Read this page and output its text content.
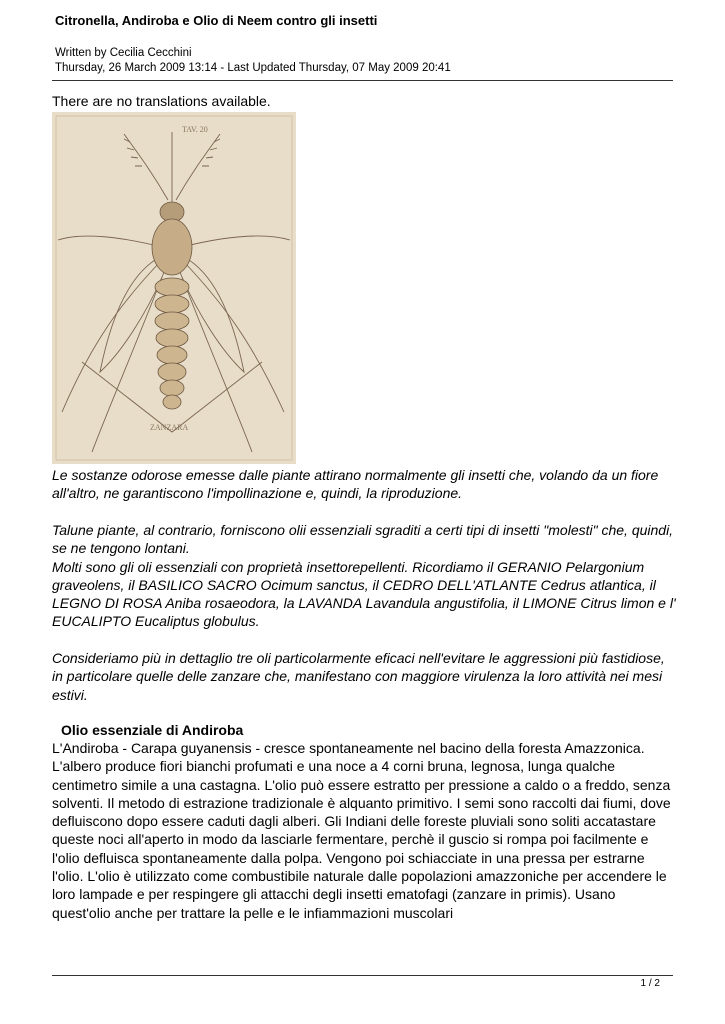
Citronella, Andiroba e Olio di Neem contro gli insetti
Written by Cecilia Cecchini
Thursday, 26 March 2009 13:14 - Last Updated Thursday, 07 May 2009 20:41
There are no translations available.
TAV. 20
ZANZARA
Le sostanze odorose emesse dalle piante attirano normalmente gli insetti che, volando da un fiore all'altro, ne garantiscono l'impollinazione e, quindi, la riproduzione.
Talune piante, al contrario, forniscono olii essenziali sgraditi a certi tipi di insetti "molesti" che, quindi, se ne tengono lontani.
Molti sono gli oli essenziali con proprietà insettorepellenti. Ricordiamo il GERANIO Pelargonium graveolens, il BASILICO SACRO Ocimum sanctus, il CEDRO DELL'ATLANTE Cedrus atlantica, il LEGNO DI ROSA Aniba rosaeodora, la LAVANDA Lavandula angustifolia, il LIMONE Citrus limon e l' EUCALIPTO Eucaliptus globulus.
Consideriamo più in dettaglio tre oli particolarmente eficaci nell'evitare le aggressioni più fastidiose, in particolare quelle delle zanzare che, manifestano con maggiore virulenza la loro attività nei mesi estivi.
Olio essenziale di Andiroba
L'Andiroba - Carapa guyanensis - cresce spontaneamente nel bacino della foresta Amazzonica. L'albero produce fiori bianchi profumati e una noce a 4 corni bruna, legnosa, lunga qualche centimetro simile a una castagna. L'olio può essere estratto per pressione a caldo o a freddo, senza solventi. Il metodo di estrazione tradizionale è alquanto primitivo. I semi sono raccolti dai fiumi, dove defluiscono dopo essere caduti dagli alberi. Gli Indiani delle foreste pluviali sono soliti accatastare queste noci all'aperto in modo da lasciarle fermentare, perchè il guscio si rompa poi facilmente e l'olio defluisca spontaneamente dalla polpa. Vengono poi schiacciate in una pressa per estrarne l'olio. L'olio è utilizzato come combustibile naturale dalle popolazioni amazzoniche per accendere le loro lampade e per respingere gli attacchi degli insetti ematofagi (zanzare in primis). Usano quest'olio anche per trattare la pelle e le infiammazioni muscolari
1 / 2
